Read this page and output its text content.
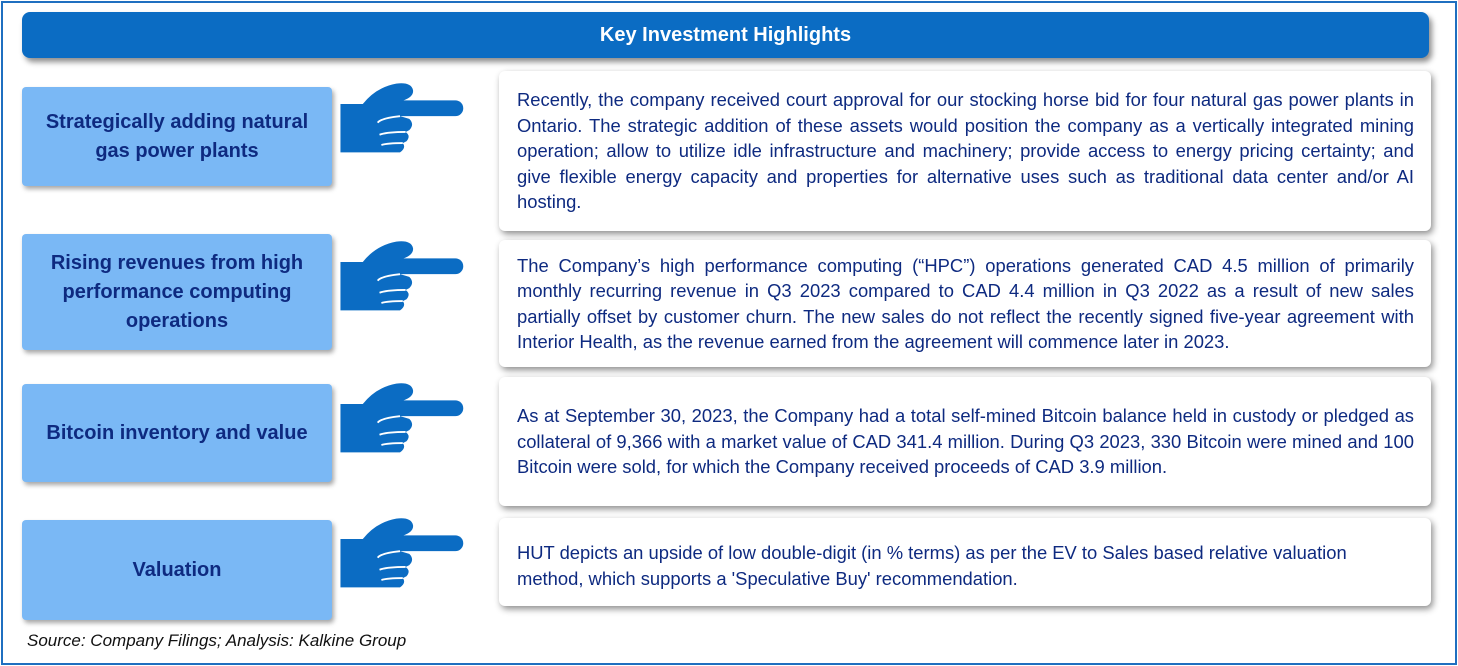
Key Investment Highlights
Strategically adding natural gas power plants

Recently, the company received court approval for our stocking horse bid for four natural gas power plants in Ontario. The strategic addition of these assets would position the company as a vertically integrated mining operation; allow to utilize idle infrastructure and machinery; provide access to energy pricing certainty; and give flexible energy capacity and properties for alternative uses such as traditional data center and/or AI hosting.

Rising revenues from high performance computing operations

The Company’s high performance computing (“HPC”) operations generated CAD 4.5 million of primarily monthly recurring revenue in Q3 2023 compared to CAD 4.4 million in Q3 2022 as a result of new sales partially offset by customer churn. The new sales do not reflect the recently signed five-year agreement with Interior Health, as the revenue earned from the agreement will commence later in 2023.

Bitcoin inventory and value

As at September 30, 2023, the Company had a total self-mined Bitcoin balance held in custody or pledged as collateral of 9,366 with a market value of CAD 341.4 million. During Q3 2023, 330 Bitcoin were mined and 100 Bitcoin were sold, for which the Company received proceeds of CAD 3.9 million.

Valuation

HUT depicts an upside of low double-digit (in % terms) as per the EV to Sales based relative valuation method, which supports a 'Speculative Buy' recommendation.

Source: Company Filings; Analysis: Kalkine Group
